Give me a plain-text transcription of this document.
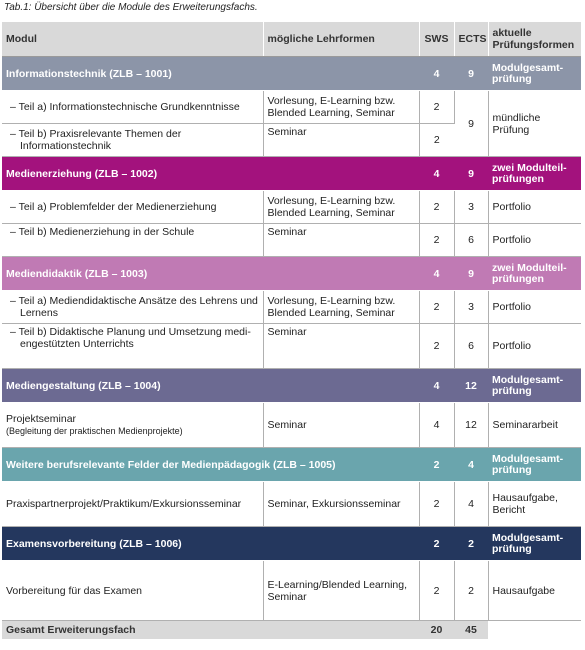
Tab.1: Übersicht über die Module des Erweiterungsfachs.
Modul	mögliche Lehrformen	SWS	ECTS	aktuelle Prüfungsformen
Informationstechnik (ZLB – 1001)		4	9	Modulgesamt-prüfung

– Teil a) Informationstechnische Grundkenntnisse	Vorlesung, E-Learning bzw. Blended Learning, Seminar	2	9	mündliche Prüfung

– Teil b) Praxisrelevante Themen der Informationstechnik	Seminar	2		
Medienerziehung (ZLB – 1002)		4	9	zwei Modulteil-prüfungen

– Teil a) Problemfelder der Medienerziehung	Vorlesung, E-Learning bzw. Blended Learning, Seminar	2	3	Portfolio

– Teil b) Medienerziehung in der Schule	Seminar	2	6	Portfolio
Mediendidaktik (ZLB – 1003)		4	9	zwei Modulteil-prüfungen

– Teil a) Mediendidaktische Ansätze des Lehrens und Lernens	Vorlesung, E-Learning bzw. Blended Learning, Seminar	2	3	Portfolio

– Teil b) Didaktische Planung und Umsetzung medi-engestützten Unterrichts	Seminar	2	6	Portfolio
Mediengestaltung (ZLB – 1004)		4	12	Modulgesamt-prüfung

Projektseminar
(Begleitung der praktischen Medienprojekte)	Seminar	4	12	Seminararbeit
Weitere berufsrelevante Felder der Medienpädagogik (ZLB – 1005)		2	4	Modulgesamt-prüfung
Praxispartnerprojekt/Praktikum/Exkursionsseminar	Seminar, Exkursionsseminar	2	4	Hausaufgabe, Bericht
Examensvorbereitung (ZLB – 1006)		2	2	Modulgesamt-prüfung
Vorbereitung für das Examen	E-Learning/Blended Learning, Seminar	2	2	Hausaufgabe
Gesamt Erweiterungsfach		20	45	
